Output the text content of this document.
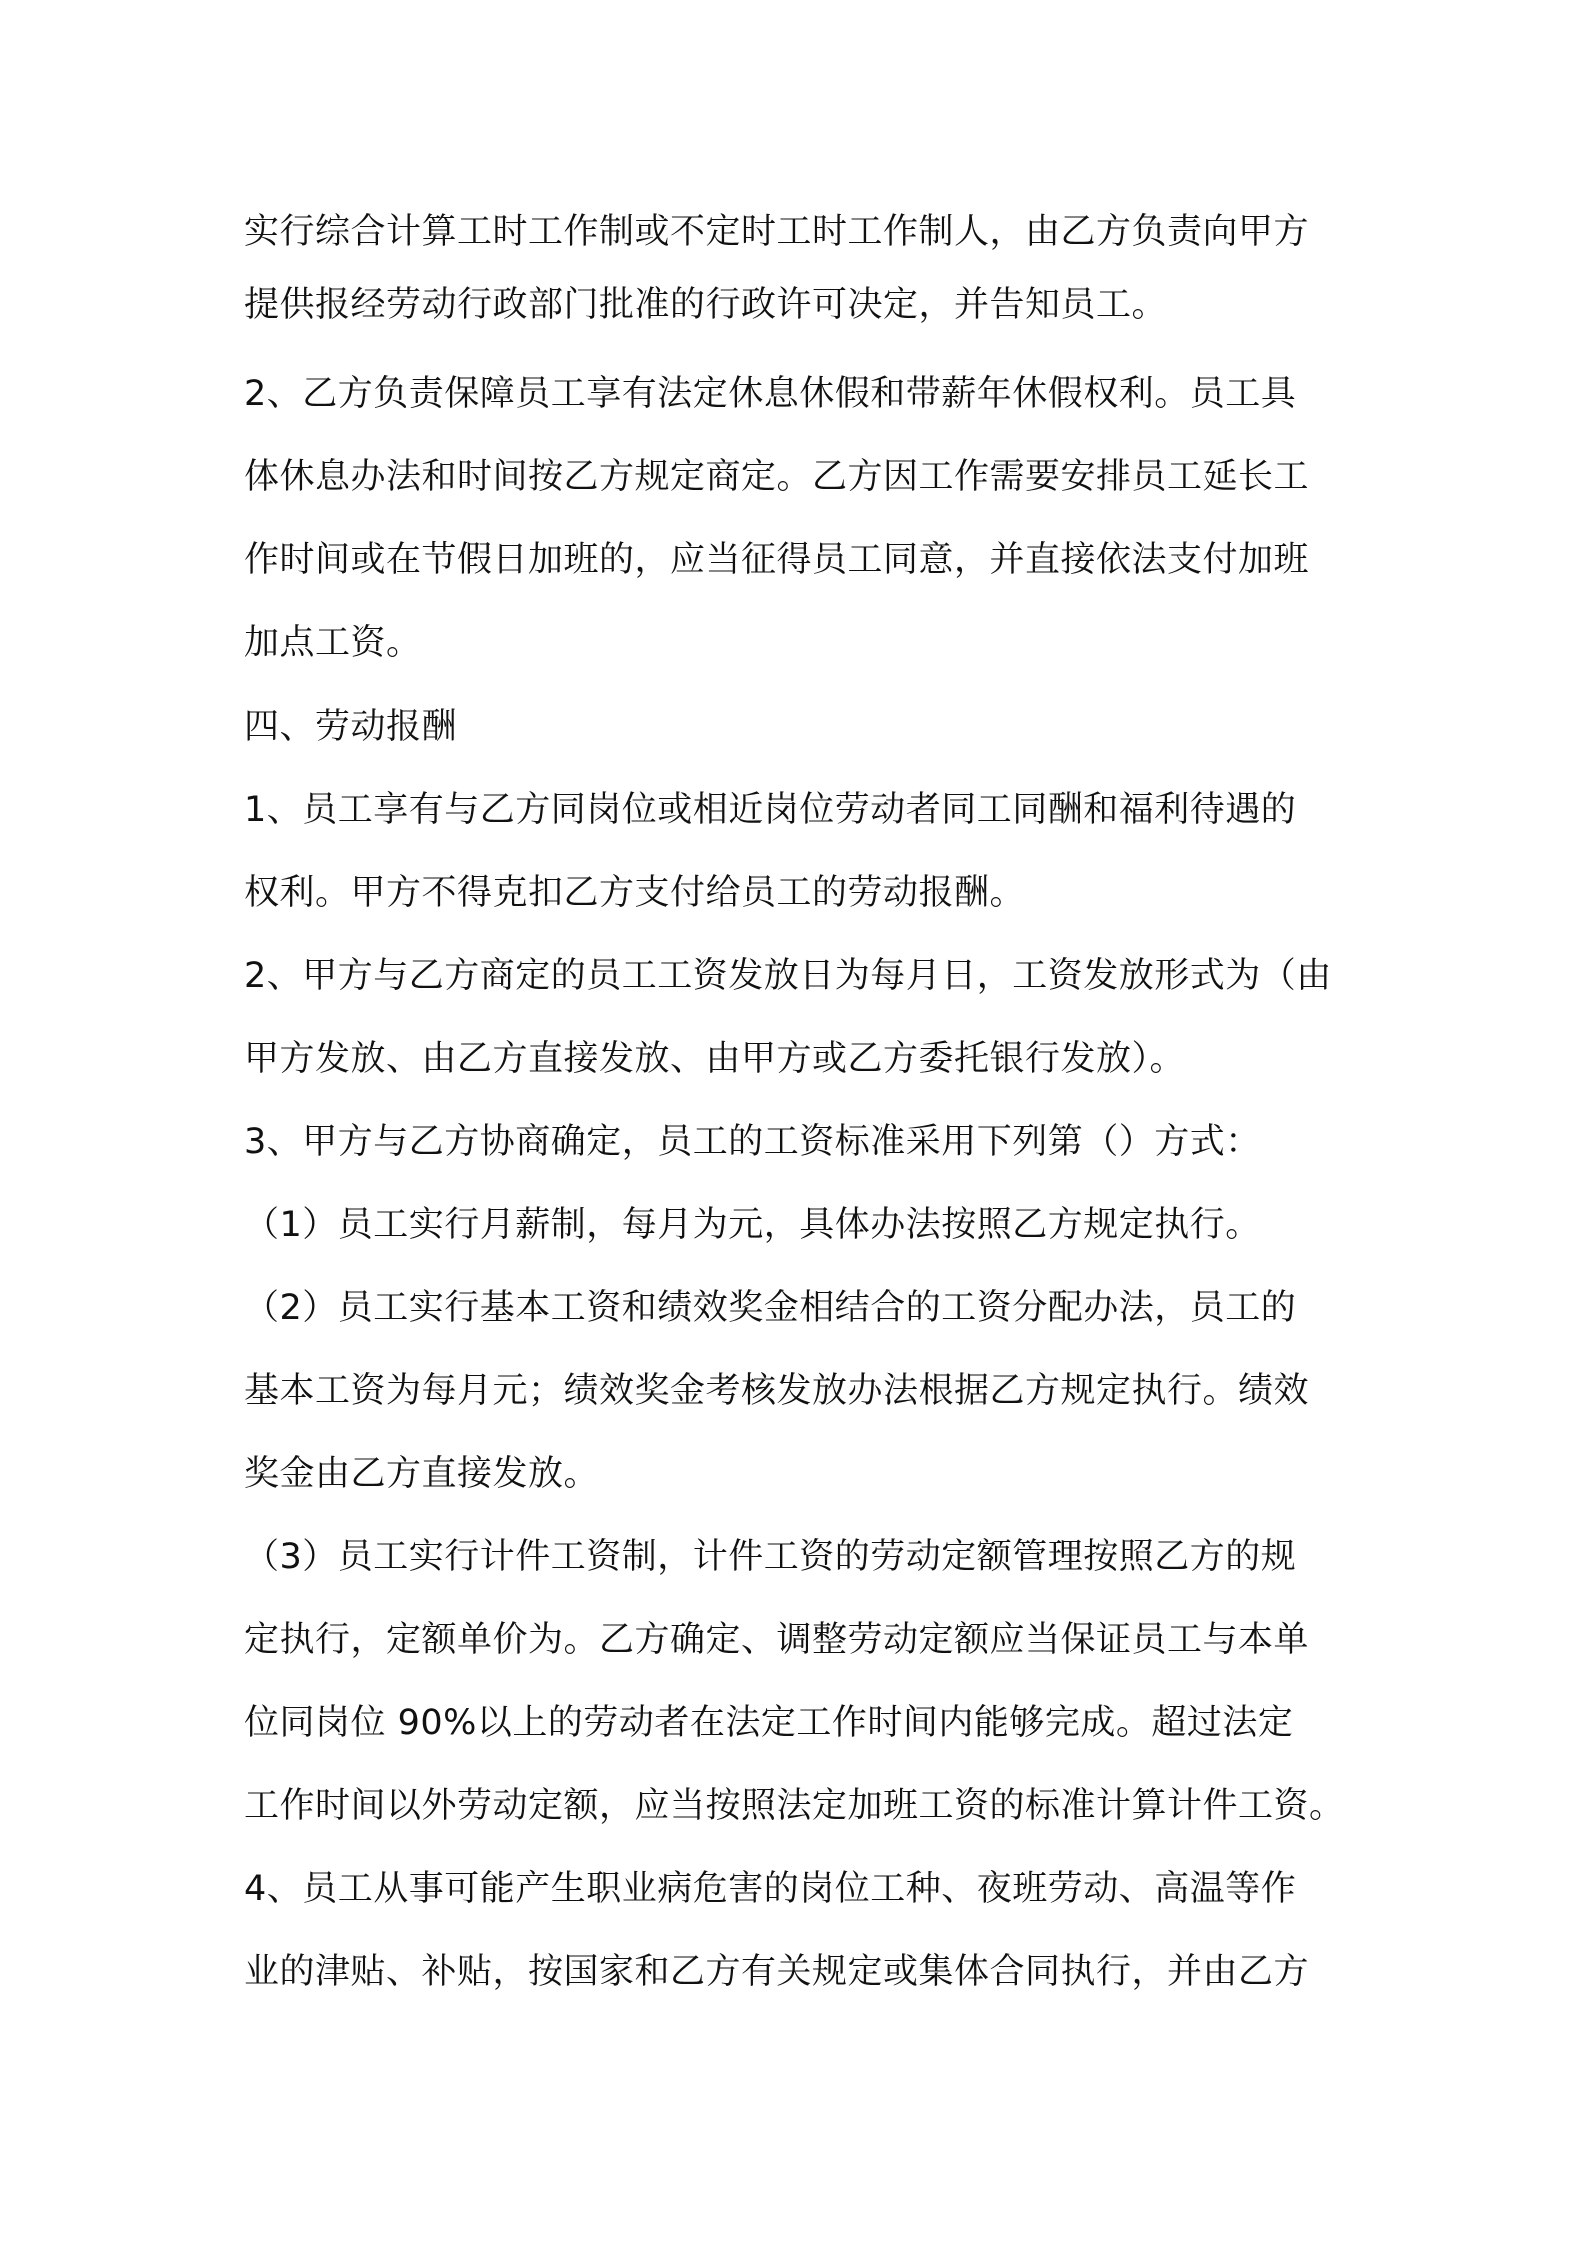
实行综合计算工时工作制或不定时工时工作制人，由乙方负责向甲方

提供报经劳动行政部门批准的行政许可决定，并告知员工。

2、乙方负责保障员工享有法定休息休假和带薪年休假权利。员工具

体休息办法和时间按乙方规定商定。乙方因工作需要安排员工延长工

作时间或在节假日加班的，应当征得员工同意，并直接依法支付加班

加点工资。

四、劳动报酬

1、员工享有与乙方同岗位或相近岗位劳动者同工同酬和福利待遇的

权利。甲方不得克扣乙方支付给员工的劳动报酬。

2、甲方与乙方商定的员工工资发放日为每月日，工资发放形式为（由

甲方发放、由乙方直接发放、由甲方或乙方委托银行发放）。

3、甲方与乙方协商确定，员工的工资标准采用下列第（）方式：

（1）员工实行月薪制，每月为元，具体办法按照乙方规定执行。

（2）员工实行基本工资和绩效奖金相结合的工资分配办法，员工的

基本工资为每月元；绩效奖金考核发放办法根据乙方规定执行。绩效

奖金由乙方直接发放。

（3）员工实行计件工资制，计件工资的劳动定额管理按照乙方的规

定执行，定额单价为。乙方确定、调整劳动定额应当保证员工与本单

位同岗位 90%以上的劳动者在法定工作时间内能够完成。超过法定

工作时间以外劳动定额，应当按照法定加班工资的标准计算计件工资。

4、员工从事可能产生职业病危害的岗位工种、夜班劳动、高温等作

业的津贴、补贴，按国家和乙方有关规定或集体合同执行，并由乙方
